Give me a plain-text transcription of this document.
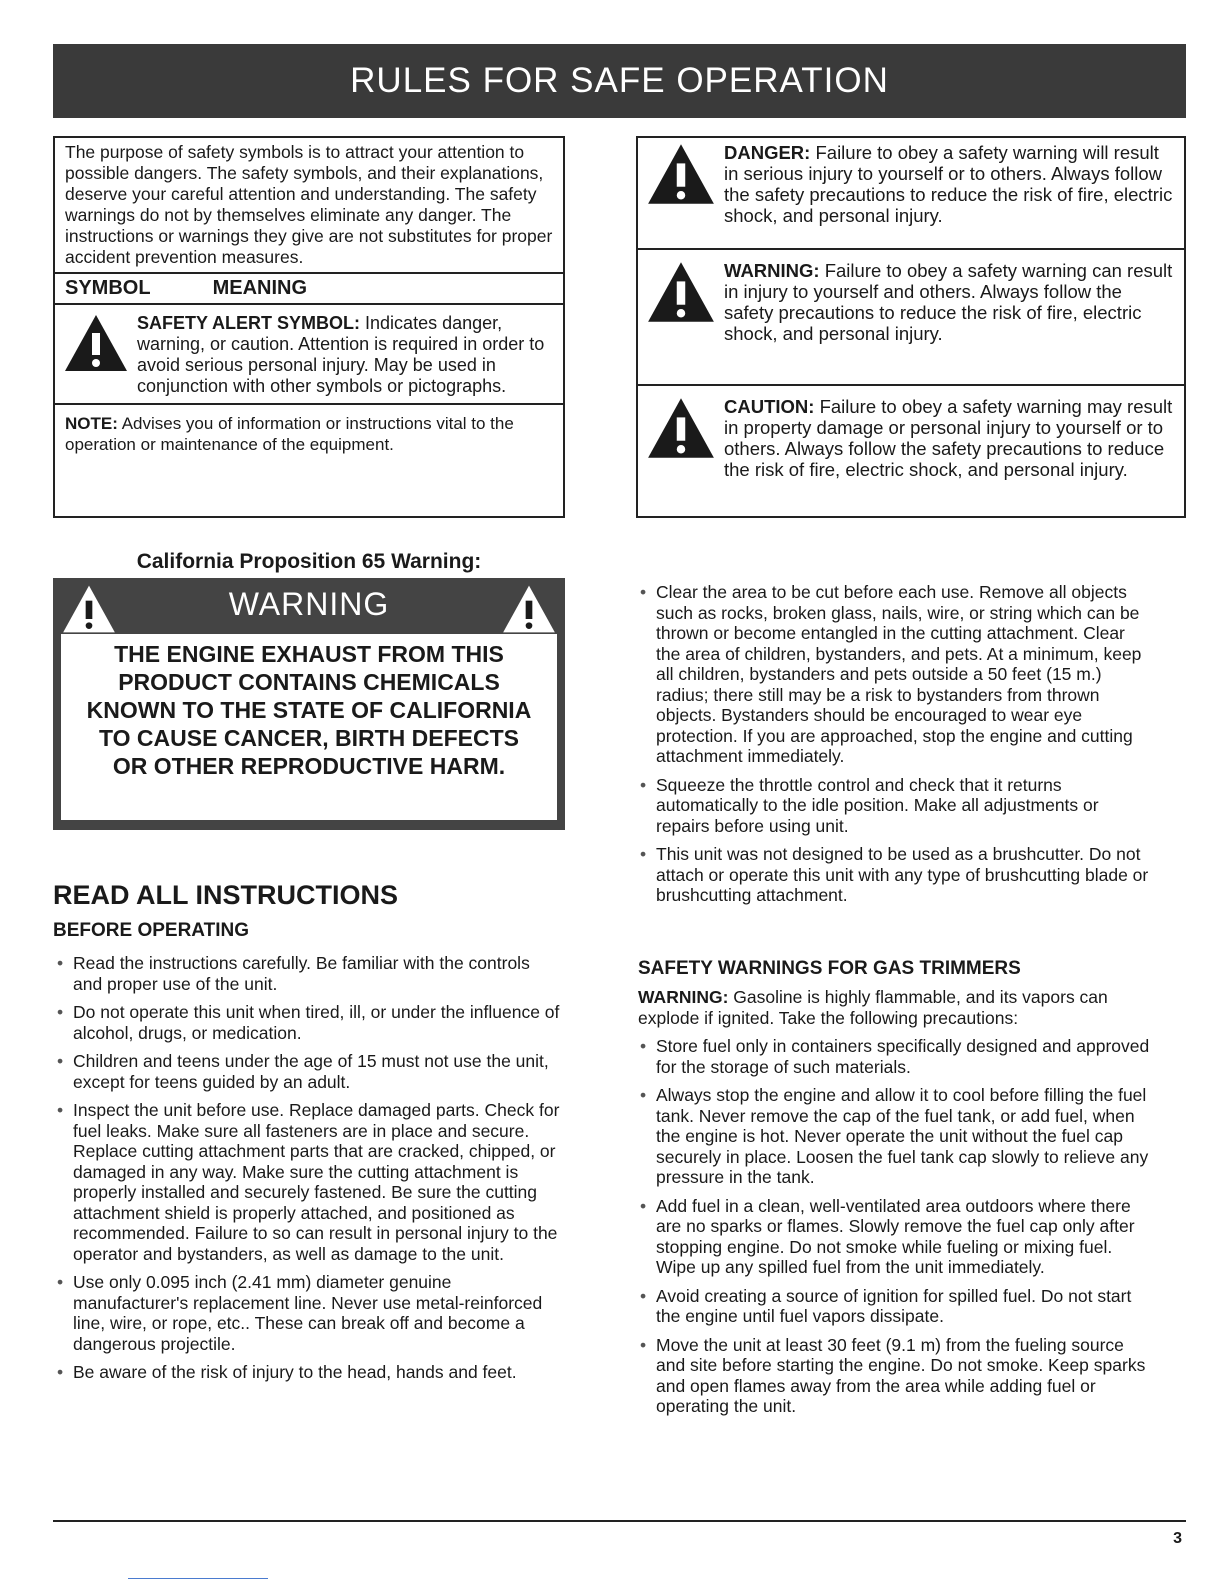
RULES FOR SAFE OPERATION
The purpose of safety symbols is to attract your attention to possible dangers. The safety symbols, and their explanations, deserve your careful attention and understanding. The safety warnings do not by themselves eliminate any danger. The instructions or warnings they give are not substitutes for proper accident prevention measures.
SYMBOL	MEANING
SAFETY ALERT SYMBOL: Indicates danger, warning, or caution. Attention is required in order to avoid serious personal injury. May be used in conjunction with other symbols or pictographs.
NOTE: Advises you of information or instructions vital to the operation or maintenance of the equipment.
DANGER: Failure to obey a safety warning will result in serious injury to yourself or to others. Always follow the safety precautions to reduce the risk of fire, electric shock, and personal injury.
WARNING: Failure to obey a safety warning can result in injury to yourself and others. Always follow the safety precautions to reduce the risk of fire, electric shock, and personal injury.
CAUTION: Failure to obey a safety warning may result in property damage or personal injury to yourself or to others. Always follow the safety precautions to reduce the risk of fire, electric shock, and personal injury.
California Proposition 65 Warning:
WARNING
THE ENGINE EXHAUST FROM THIS
PRODUCT CONTAINS CHEMICALS
KNOWN TO THE STATE OF CALIFORNIA
TO CAUSE CANCER, BIRTH DEFECTS
OR OTHER REPRODUCTIVE HARM.
READ ALL INSTRUCTIONS
BEFORE OPERATING
• Read the instructions carefully. Be familiar with the controls and proper use of the unit.
• Do not operate this unit when tired, ill, or under the influence of alcohol, drugs, or medication.
• Children and teens under the age of 15 must not use the unit, except for teens guided by an adult.
• Inspect the unit before use. Replace damaged parts. Check for fuel leaks. Make sure all fasteners are in place and secure. Replace cutting attachment parts that are cracked, chipped, or damaged in any way. Make sure the cutting attachment is properly installed and securely fastened. Be sure the cutting attachment shield is properly attached, and positioned as recommended. Failure to so can result in personal injury to the operator and bystanders, as well as damage to the unit.
• Use only 0.095 inch (2.41 mm) diameter genuine manufacturer's replacement line. Never use metal-reinforced line, wire, or rope, etc.. These can break off and become a dangerous projectile.
• Be aware of the risk of injury to the head, hands and feet.
• Clear the area to be cut before each use. Remove all objects such as rocks, broken glass, nails, wire, or string which can be thrown or become entangled in the cutting attachment. Clear the area of children, bystanders, and pets. At a minimum, keep all children, bystanders and pets outside a 50 feet (15 m.) radius; there still may be a risk to bystanders from thrown objects. Bystanders should be encouraged to wear eye protection. If you are approached, stop the engine and cutting attachment immediately.
• Squeeze the throttle control and check that it returns automatically to the idle position. Make all adjustments or repairs before using unit.
• This unit was not designed to be used as a brushcutter. Do not attach or operate this unit with any type of brushcutting blade or brushcutting attachment.
SAFETY WARNINGS FOR GAS TRIMMERS
WARNING: Gasoline is highly flammable, and its vapors can explode if ignited. Take the following precautions:
• Store fuel only in containers specifically designed and approved for the storage of such materials.
• Always stop the engine and allow it to cool before filling the fuel tank. Never remove the cap of the fuel tank, or add fuel, when the engine is hot. Never operate the unit without the fuel cap securely in place. Loosen the fuel tank cap slowly to relieve any pressure in the tank.
• Add fuel in a clean, well-ventilated area outdoors where there are no sparks or flames. Slowly remove the fuel cap only after stopping engine. Do not smoke while fueling or mixing fuel. Wipe up any spilled fuel from the unit immediately.
• Avoid creating a source of ignition for spilled fuel. Do not start the engine until fuel vapors dissipate.
• Move the unit at least 30 feet (9.1 m) from the fueling source and site before starting the engine. Do not smoke. Keep sparks and open flames away from the area while adding fuel or operating the unit.
3
